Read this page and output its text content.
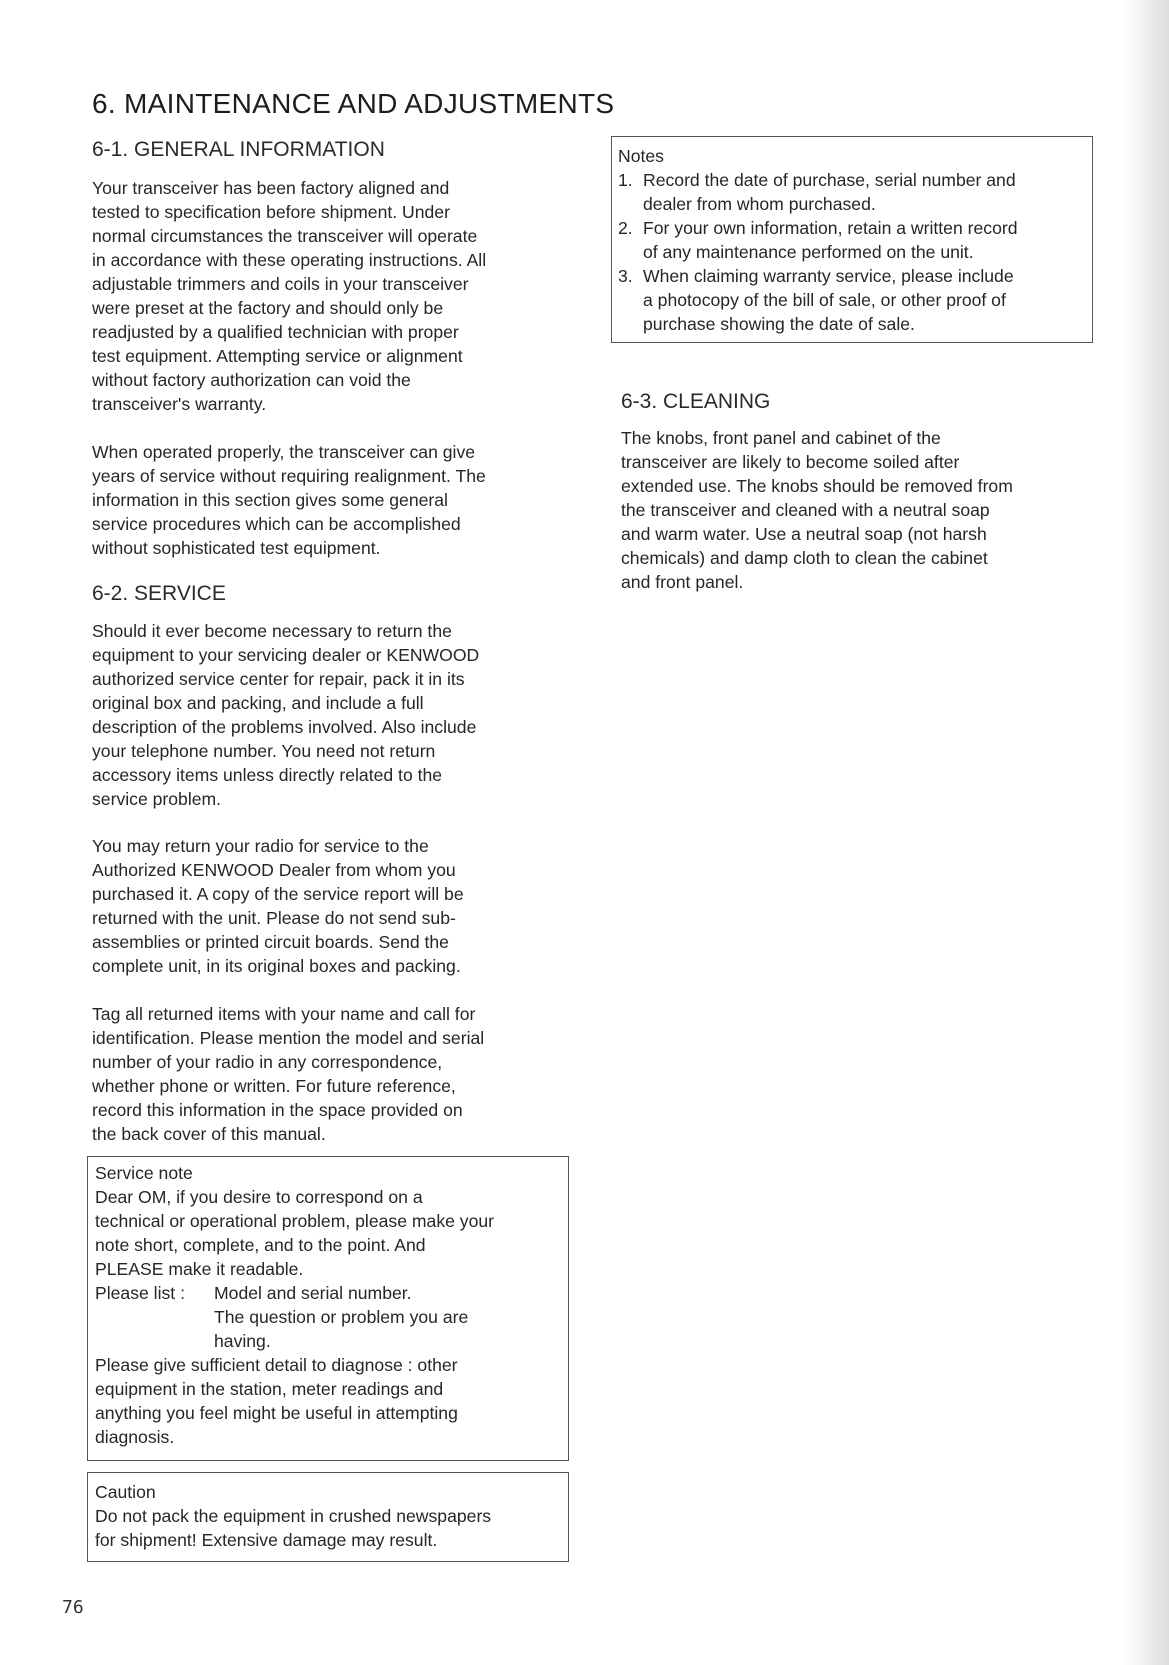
6. MAINTENANCE AND ADJUSTMENTS
6-1. GENERAL INFORMATION
Your transceiver has been factory aligned and
tested to specification before shipment. Under
normal circumstances the transceiver will operate
in accordance with these operating instructions. All
adjustable trimmers and coils in your transceiver
were preset at the factory and should only be
readjusted by a qualified technician with proper
test equipment. Attempting service or alignment
without factory authorization can void the
transceiver's warranty.
When operated properly, the transceiver can give
years of service without requiring realignment. The
information in this section gives some general
service procedures which can be accomplished
without sophisticated test equipment.
6-2. SERVICE
Should it ever become necessary to return the
equipment to your servicing dealer or KENWOOD
authorized service center for repair, pack it in its
original box and packing, and include a full
description of the problems involved. Also include
your telephone number. You need not return
accessory items unless directly related to the
service problem.
You may return your radio for service to the
Authorized KENWOOD Dealer from whom you
purchased it. A copy of the service report will be
returned with the unit. Please do not send sub-
assemblies or printed circuit boards. Send the
complete unit, in its original boxes and packing.
Tag all returned items with your name and call for
identification. Please mention the model and serial
number of your radio in any correspondence,
whether phone or written. For future reference,
record this information in the space provided on
the back cover of this manual.
Service note
Dear OM, if you desire to correspond on a
technical or operational problem, please make your
note short, complete, and to the point. And
PLEASE make it readable.
Please list :	Model and serial number.
The question or problem you are
having.
Please give sufficient detail to diagnose : other
equipment in the station, meter readings and
anything you feel might be useful in attempting
diagnosis.
Caution
Do not pack the equipment in crushed newspapers
for shipment! Extensive damage may result.
Notes
1. Record the date of purchase, serial number and
dealer from whom purchased.
2. For your own information, retain a written record
of any maintenance performed on the unit.
3. When claiming warranty service, please include
a photocopy of the bill of sale, or other proof of
purchase showing the date of sale.
6-3. CLEANING
The knobs, front panel and cabinet of the
transceiver are likely to become soiled after
extended use. The knobs should be removed from
the transceiver and cleaned with a neutral soap
and warm water. Use a neutral soap (not harsh
chemicals) and damp cloth to clean the cabinet
and front panel.
76
